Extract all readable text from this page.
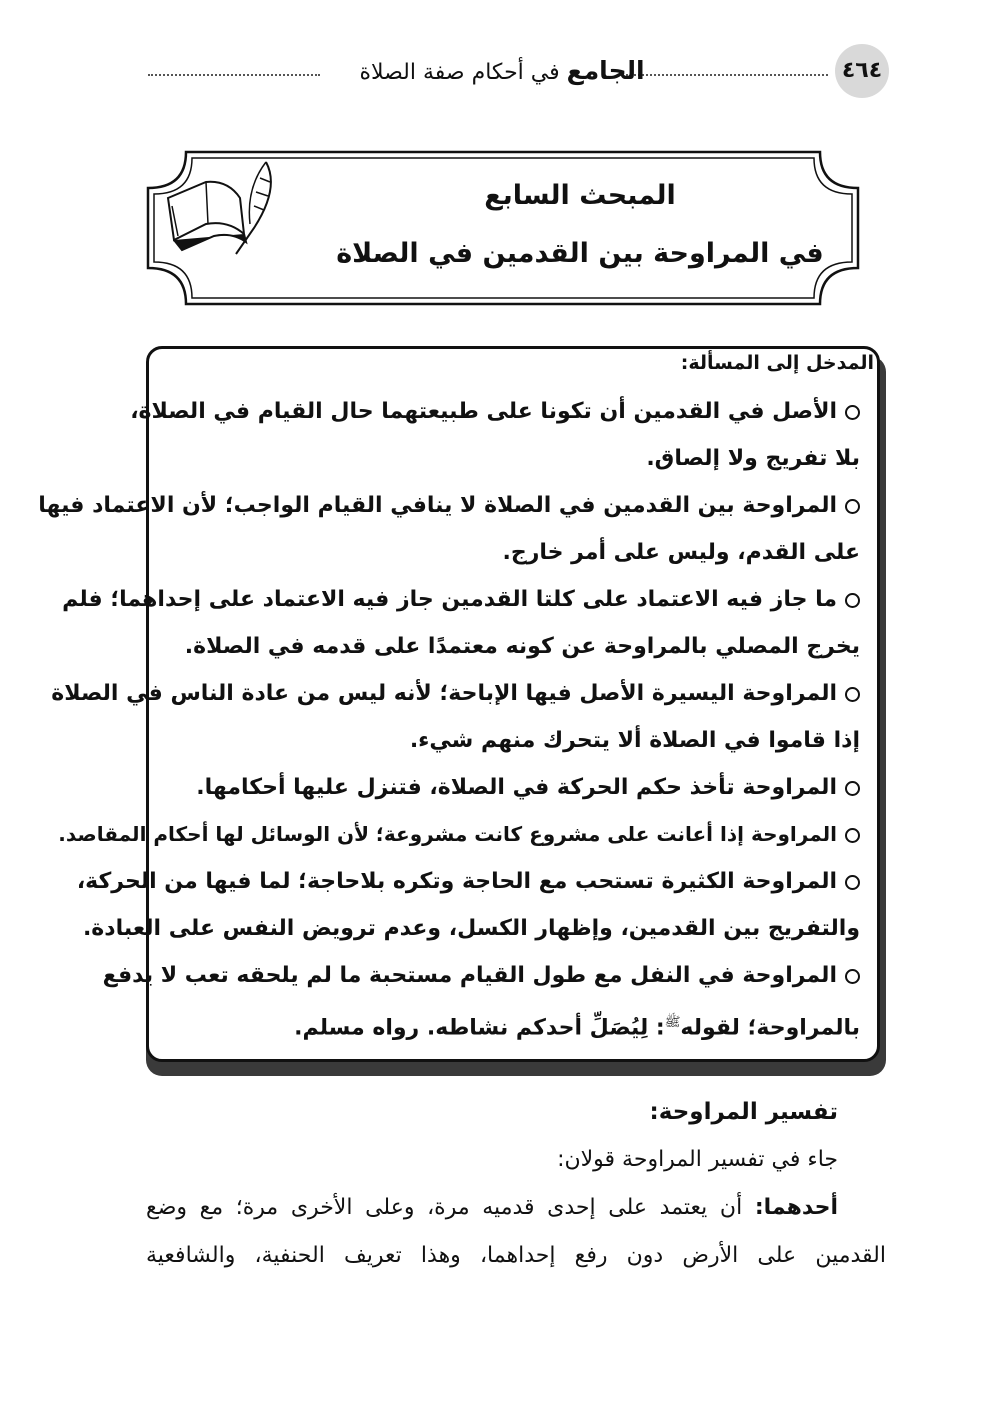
الجامع في أحكام صفة الصلاة	٤٦٤
المبحث السابع
في المراوحة بين القدمين في الصلاة
المدخل إلى المسألة:
الأصل في القدمين أن تكونا على طبيعتهما حال القيام في الصلاة،
بلا تفريج ولا إلصاق.
المراوحة بين القدمين في الصلاة لا ينافي القيام الواجب؛ لأن الاعتماد فيها
على القدم، وليس على أمر خارج.
ما جاز فيه الاعتماد على كلتا القدمين جاز فيه الاعتماد على إحداهما؛ فلم
يخرج المصلي بالمراوحة عن كونه معتمدًا على قدمه في الصلاة.
المراوحة اليسيرة الأصل فيها الإباحة؛ لأنه ليس من عادة الناس في الصلاة
إذا قاموا في الصلاة ألا يتحرك منهم شيء.
المراوحة تأخذ حكم الحركة في الصلاة، فتنزل عليها أحكامها.
المراوحة إذا أعانت على مشروع كانت مشروعة؛ لأن الوسائل لها أحكام المقاصد.
المراوحة الكثيرة تستحب مع الحاجة وتكره بلاحاجة؛ لما فيها من الحركة،
والتفريج بين القدمين، وإظهار الكسل، وعدم ترويض النفس على العبادة.
المراوحة في النفل مع طول القيام مستحبة ما لم يلحقه تعب لا يدفع
بالمراوحة؛ لقوله$^ﷺ$: لِيُصَلِّ أحدكم نشاطه. رواه مسلم.
تفسير المراوحة:
جاء في تفسير المراوحة قولان:
أحدهما: أن يعتمد على إحدى قدميه مرة، وعلى الأخرى مرة؛ مع وضع
القدمين على الأرض دون رفع إحداهما، وهذا تعريف الحنفية، والشافعية
